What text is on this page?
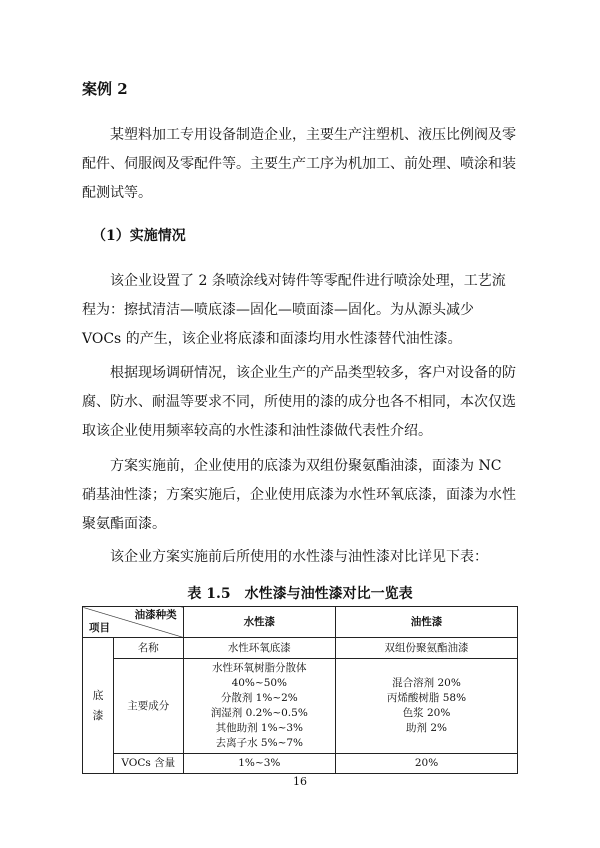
案例 2

某塑料加工专用设备制造企业，主要生产注塑机、液压比例阀及零配件、伺服阀及零配件等。主要生产工序为机加工、前处理、喷涂和装配测试等。

（1）实施情况

该企业设置了 2 条喷涂线对铸件等零配件进行喷涂处理，工艺流程为：擦拭清洁—喷底漆—固化—喷面漆—固化。为从源头减少 VOCs 的产生，该企业将底漆和面漆均用水性漆替代油性漆。

根据现场调研情况，该企业生产的产品类型较多，客户对设备的防腐、防水、耐温等要求不同，所使用的漆的成分也各不相同，本次仅选取该企业使用频率较高的水性漆和油性漆做代表性介绍。

方案实施前，企业使用的底漆为双组份聚氨酯油漆，面漆为 NC 硝基油性漆；方案实施后，企业使用底漆为水性环氧底漆，面漆为水性聚氨酯面漆。

该企业方案实施前后所使用的水性漆与油性漆对比详见下表：

表 1.5　水性漆与油性漆对比一览表

油漆种类
项目		水性漆	油性漆

底
漆	名称	水性环氧底漆	双组份聚氨酯油漆
	主要成分	水性环氧树脂分散体 40%~50%
分散剂 1%~2%
润湿剂 0.2%~0.5%
其他助剂 1%~3%
去离子水 5%~7%	混合溶剂 20%
丙烯酸树脂 58%
色浆 20%
助剂 2%

	VOCs 含量	1%~3%	20%

16
